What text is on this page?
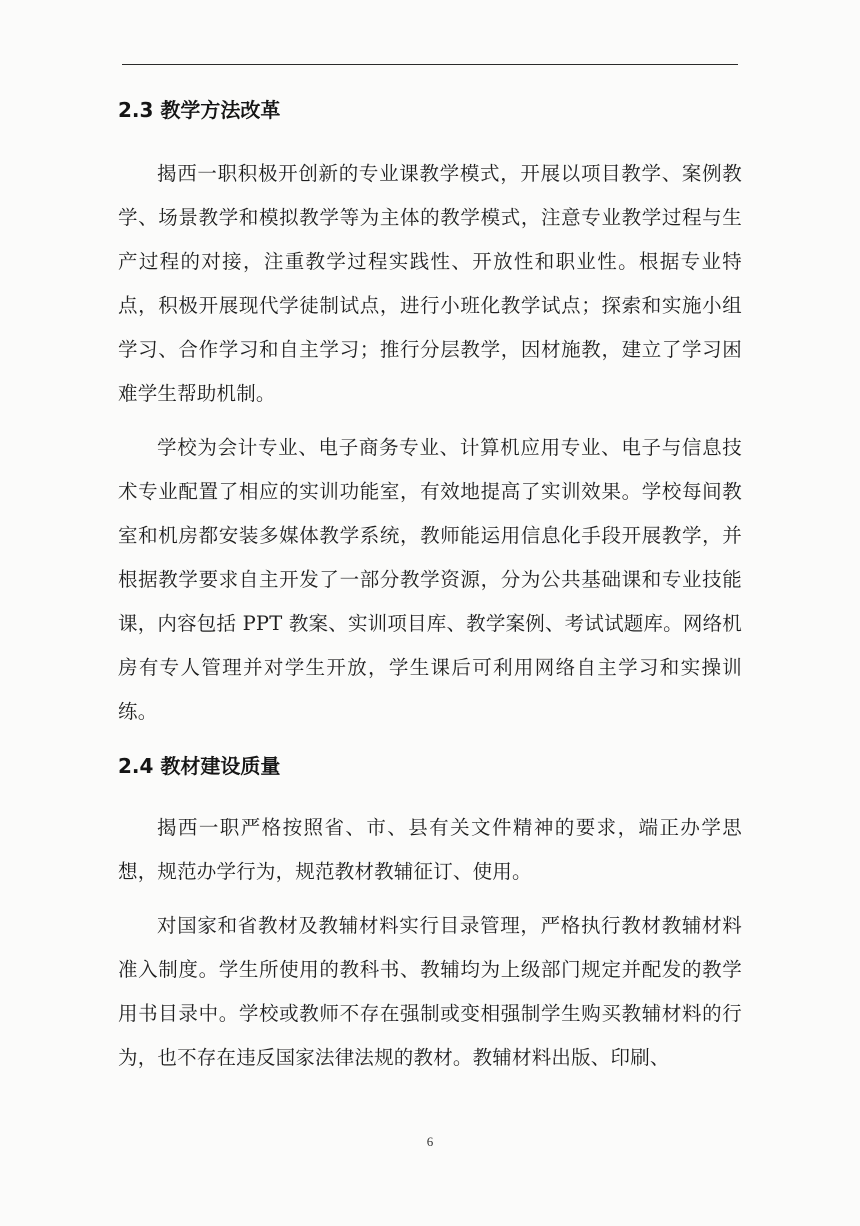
2.3 教学方法改革

揭西一职积极开创新的专业课教学模式，开展以项目教学、案例教学、场景教学和模拟教学等为主体的教学模式，注意专业教学过程与生产过程的对接，注重教学过程实践性、开放性和职业性。根据专业特点，积极开展现代学徒制试点，进行小班化教学试点；探索和实施小组学习、合作学习和自主学习；推行分层教学，因材施教，建立了学习困难学生帮助机制。

学校为会计专业、电子商务专业、计算机应用专业、电子与信息技术专业配置了相应的实训功能室，有效地提高了实训效果。学校每间教室和机房都安装多媒体教学系统，教师能运用信息化手段开展教学，并根据教学要求自主开发了一部分教学资源，分为公共基础课和专业技能课，内容包括 PPT 教案、实训项目库、教学案例、考试试题库。网络机房有专人管理并对学生开放，学生课后可利用网络自主学习和实操训练。

2.4 教材建设质量

揭西一职严格按照省、市、县有关文件精神的要求，端正办学思想，规范办学行为，规范教材教辅征订、使用。

对国家和省教材及教辅材料实行目录管理，严格执行教材教辅材料准入制度。学生所使用的教科书、教辅均为上级部门规定并配发的教学用书目录中。学校或教师不存在强制或变相强制学生购买教辅材料的行为，也不存在违反国家法律法规的教材。教辅材料出版、印刷、

6
